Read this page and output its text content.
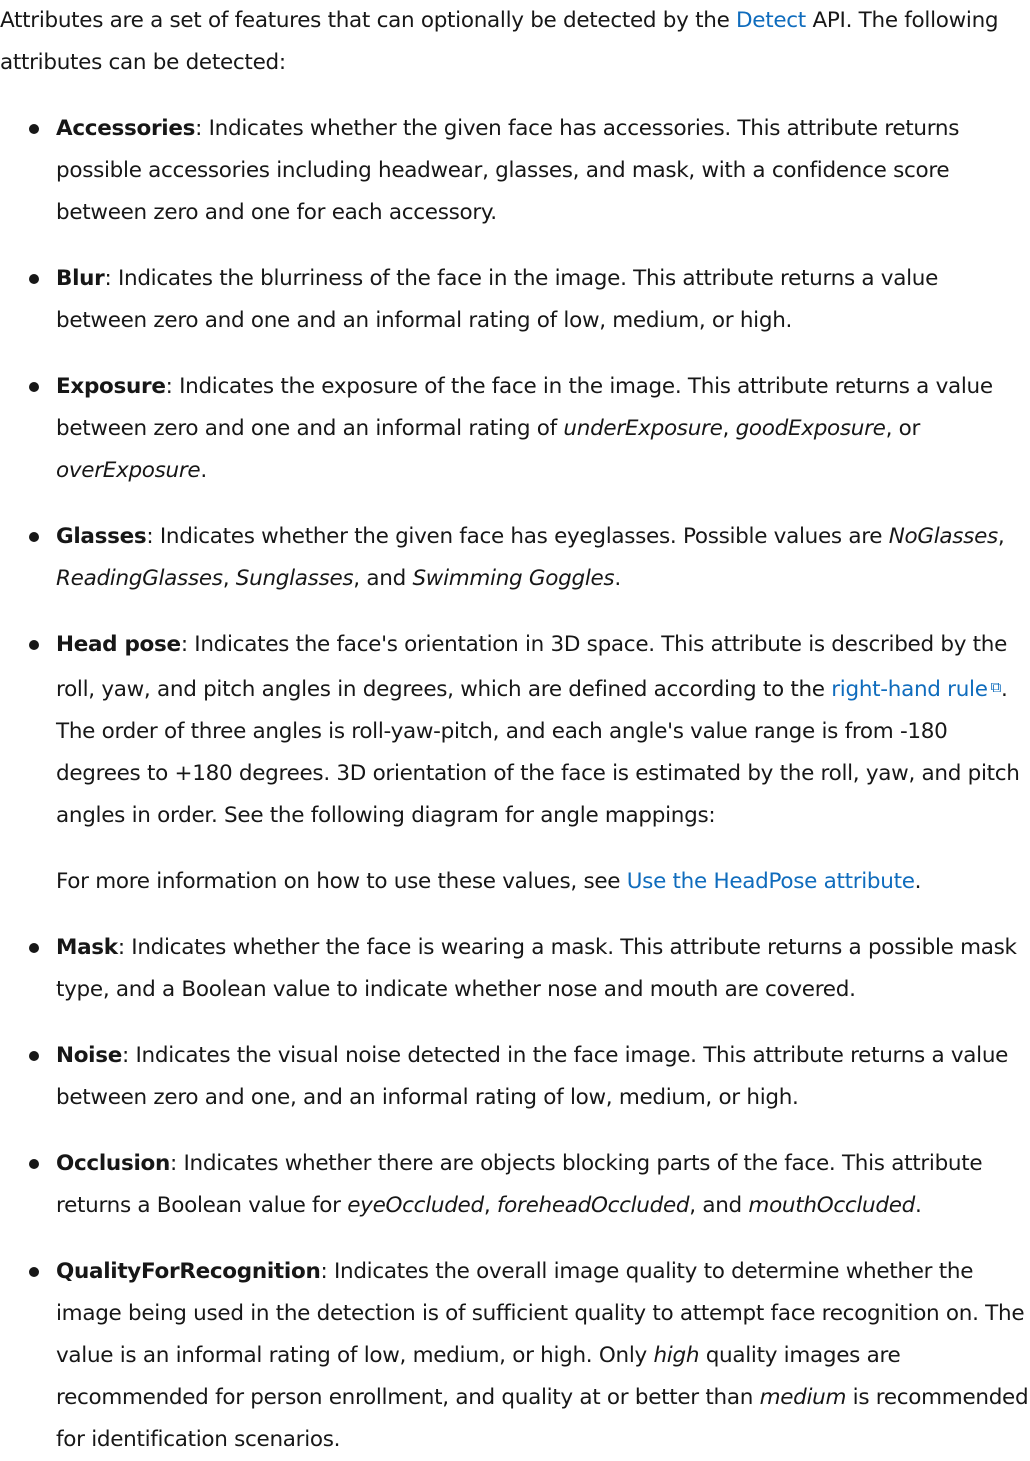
Attributes are a set of features that can optionally be detected by the Detect API. The following attributes can be detected:

Accessories: Indicates whether the given face has accessories. This attribute returns possible accessories including headwear, glasses, and mask, with a confidence score between zero and one for each accessory.
Blur: Indicates the blurriness of the face in the image. This attribute returns a value between zero and one and an informal rating of low, medium, or high.
Exposure: Indicates the exposure of the face in the image. This attribute returns a value between zero and one and an informal rating of underExposure, goodExposure, or overExposure.
Glasses: Indicates whether the given face has eyeglasses. Possible values are NoGlasses, ReadingGlasses, Sunglasses, and Swimming Goggles.
Head pose: Indicates the face's orientation in 3D space. This attribute is described by the roll, yaw, and pitch angles in degrees, which are defined according to the right-hand rule ⧉. The order of three angles is roll-yaw-pitch, and each angle's value range is from -180 degrees to +180 degrees. 3D orientation of the face is estimated by the roll, yaw, and pitch angles in order. See the following diagram for angle mappings:
For more information on how to use these values, see Use the HeadPose attribute.
Mask: Indicates whether the face is wearing a mask. This attribute returns a possible mask type, and a Boolean value to indicate whether nose and mouth are covered.
Noise: Indicates the visual noise detected in the face image. This attribute returns a value between zero and one, and an informal rating of low, medium, or high.
Occlusion: Indicates whether there are objects blocking parts of the face. This attribute returns a Boolean value for eyeOccluded, foreheadOccluded, and mouthOccluded.
QualityForRecognition: Indicates the overall image quality to determine whether the image being used in the detection is of sufficient quality to attempt face recognition on. The value is an informal rating of low, medium, or high. Only high quality images are recommended for person enrollment, and quality at or better than medium is recommended for identification scenarios.
